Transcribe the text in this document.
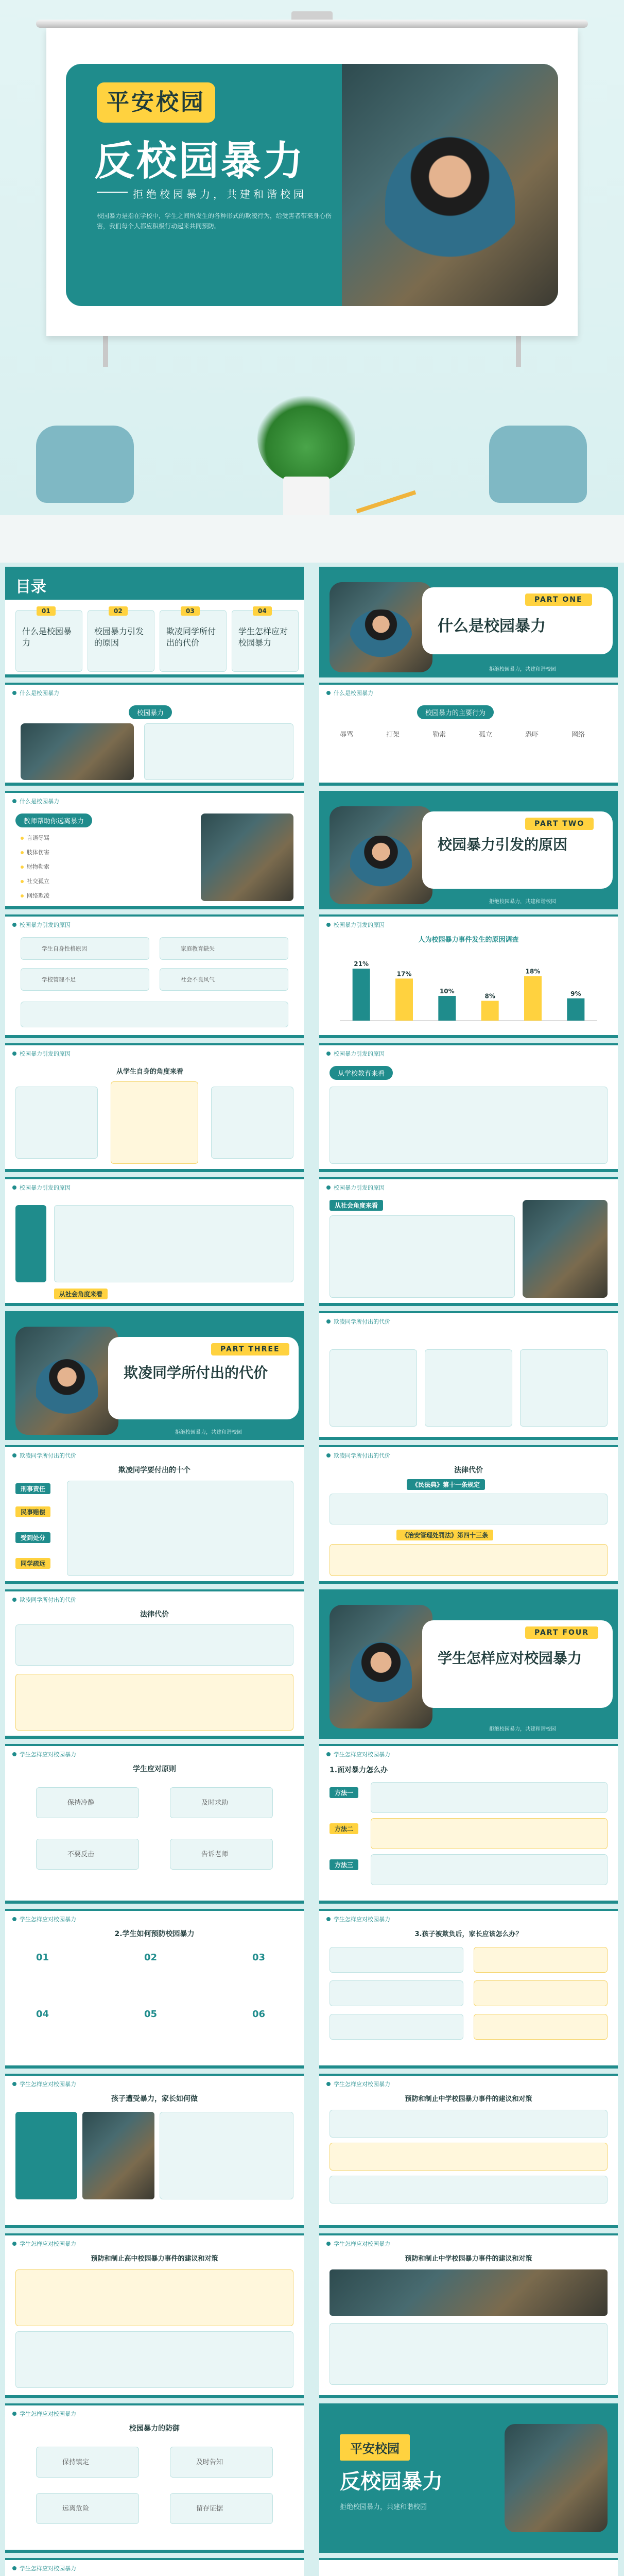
平安校园
反校园暴力
拒绝校园暴力，共建和谐校园
校园暴力是指在学校中，学生之间所发生的各种形式的欺凌行为，给受害者带来身心伤害，我们每个人都应积极行动起来共同预防。
目录
01
什么是校园暴力
02
校园暴力引发的原因
03
欺凌同学所付出的代价
04
学生怎样应对校园暴力
PART ONE
什么是校园暴力
拒绝校园暴力，共建和谐校园
什么是校园暴力
校园暴力
什么是校园暴力
校园暴力的主要行为
辱骂	打架	勒索	孤立	恐吓	网络
什么是校园暴力
教师帮助你远离暴力
言语辱骂
肢体伤害
财物勒索
社交孤立
网络欺凌
PART TWO
校园暴力引发的原因
拒绝校园暴力，共建和谐校园
校园暴力引发的原因
学生自身性格原因	家庭教育缺失
学校管理不足	社会不良风气
校园暴力引发的原因
人为校园暴力事件发生的原因调查
21%
17%
10%
8%
18%
9%
校园暴力引发的原因
从学生自身的角度来看
校园暴力引发的原因
从学校教育来看
校园暴力引发的原因
从社会角度来看
校园暴力引发的原因
从社会角度来看
PART THREE
欺凌同学所付出的代价
拒绝校园暴力，共建和谐校园
欺凌同学所付出的代价
欺凌同学所付出的代价
欺凌同学要付出的十个
刑事责任
民事赔偿
受到处分
同学疏远
欺凌同学所付出的代价
法律代价
《民法典》第十一条规定
《治安管理处罚法》第四十三条
欺凌同学所付出的代价
法律代价
PART FOUR
学生怎样应对校园暴力
拒绝校园暴力，共建和谐校园
学生怎样应对校园暴力
学生应对原则
保持冷静	及时求助
不要反击	告诉老师
学生怎样应对校园暴力
1.面对暴力怎么办
方法一
方法二
方法三
学生怎样应对校园暴力
2.学生如何预防校园暴力
01	02	03
04	05	06
学生怎样应对校园暴力
3.孩子被欺负后，家长应该怎么办？
学生怎样应对校园暴力
孩子遭受暴力，家长如何做
学生怎样应对校园暴力
预防和制止中学校园暴力事件的建议和对策
学生怎样应对校园暴力
预防和制止高中校园暴力事件的建议和对策
学生怎样应对校园暴力
预防和制止中学校园暴力事件的建议和对策
学生怎样应对校园暴力
校园暴力的防御
保持镇定	及时告知
远离危险	留存证据
平安校园
反校园暴力
拒绝校园暴力，共建和谐校园
学生怎样应对校园暴力
